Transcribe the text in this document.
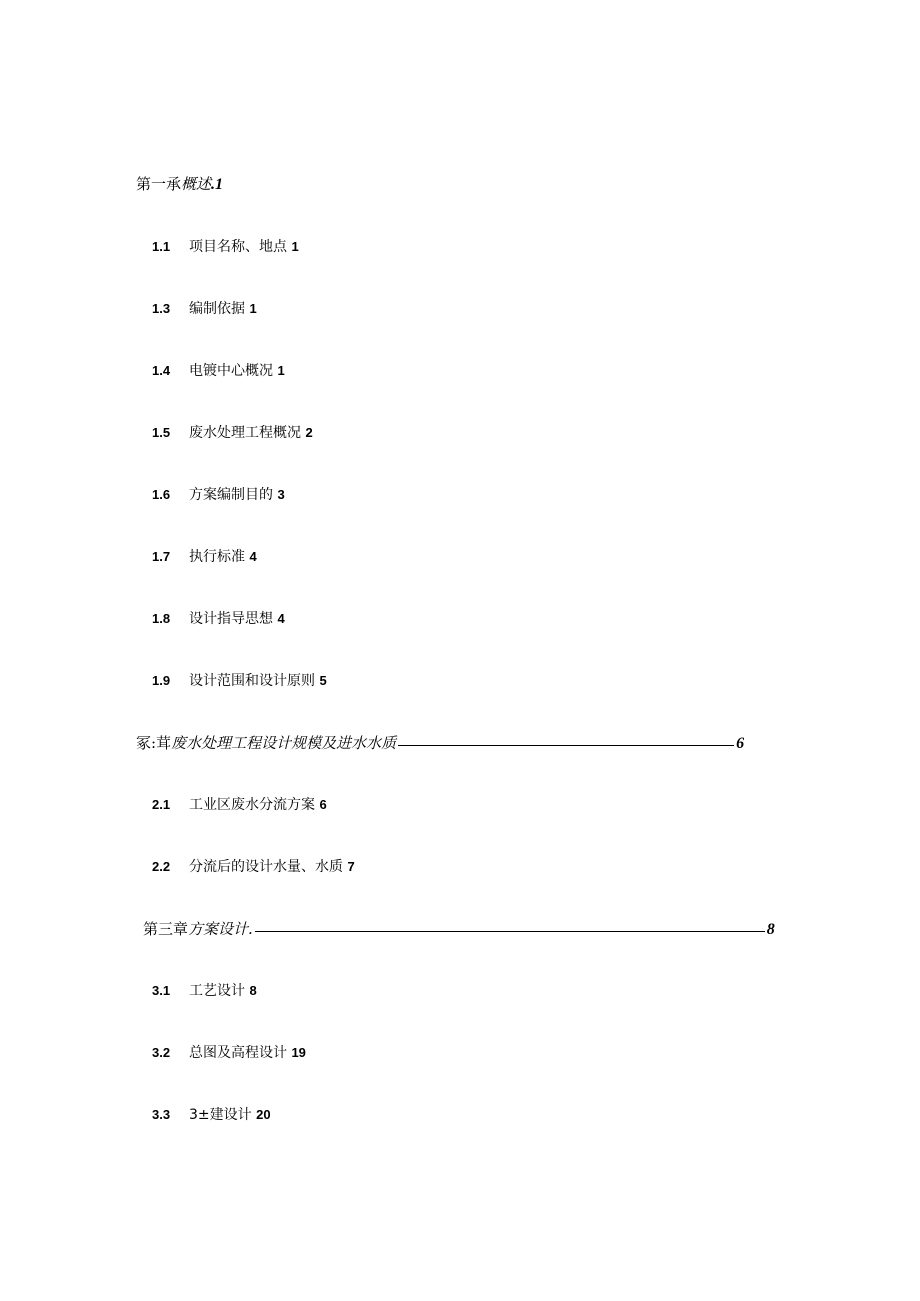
第一承 概述 .1
1.1 项目名称、地点 1
1.3 编制依据 1
1.4 电镀中心概况 1
1.5 废水处理工程概况 2
1.6 方案编制目的 3
1.7 执行标准 4
1.8 设计指导思想 4
1.9 设计范围和设计原则 5
冢:茸 废水处理工程设计规模及进水水质	6
2.1 工业区废水分流方案 6
2.2 分流后的设计水量、水质 7
第三章 方案设计.	8
3.1 工艺设计 8
3.2 总图及高程设计 19
3.3 3±建设计 20
